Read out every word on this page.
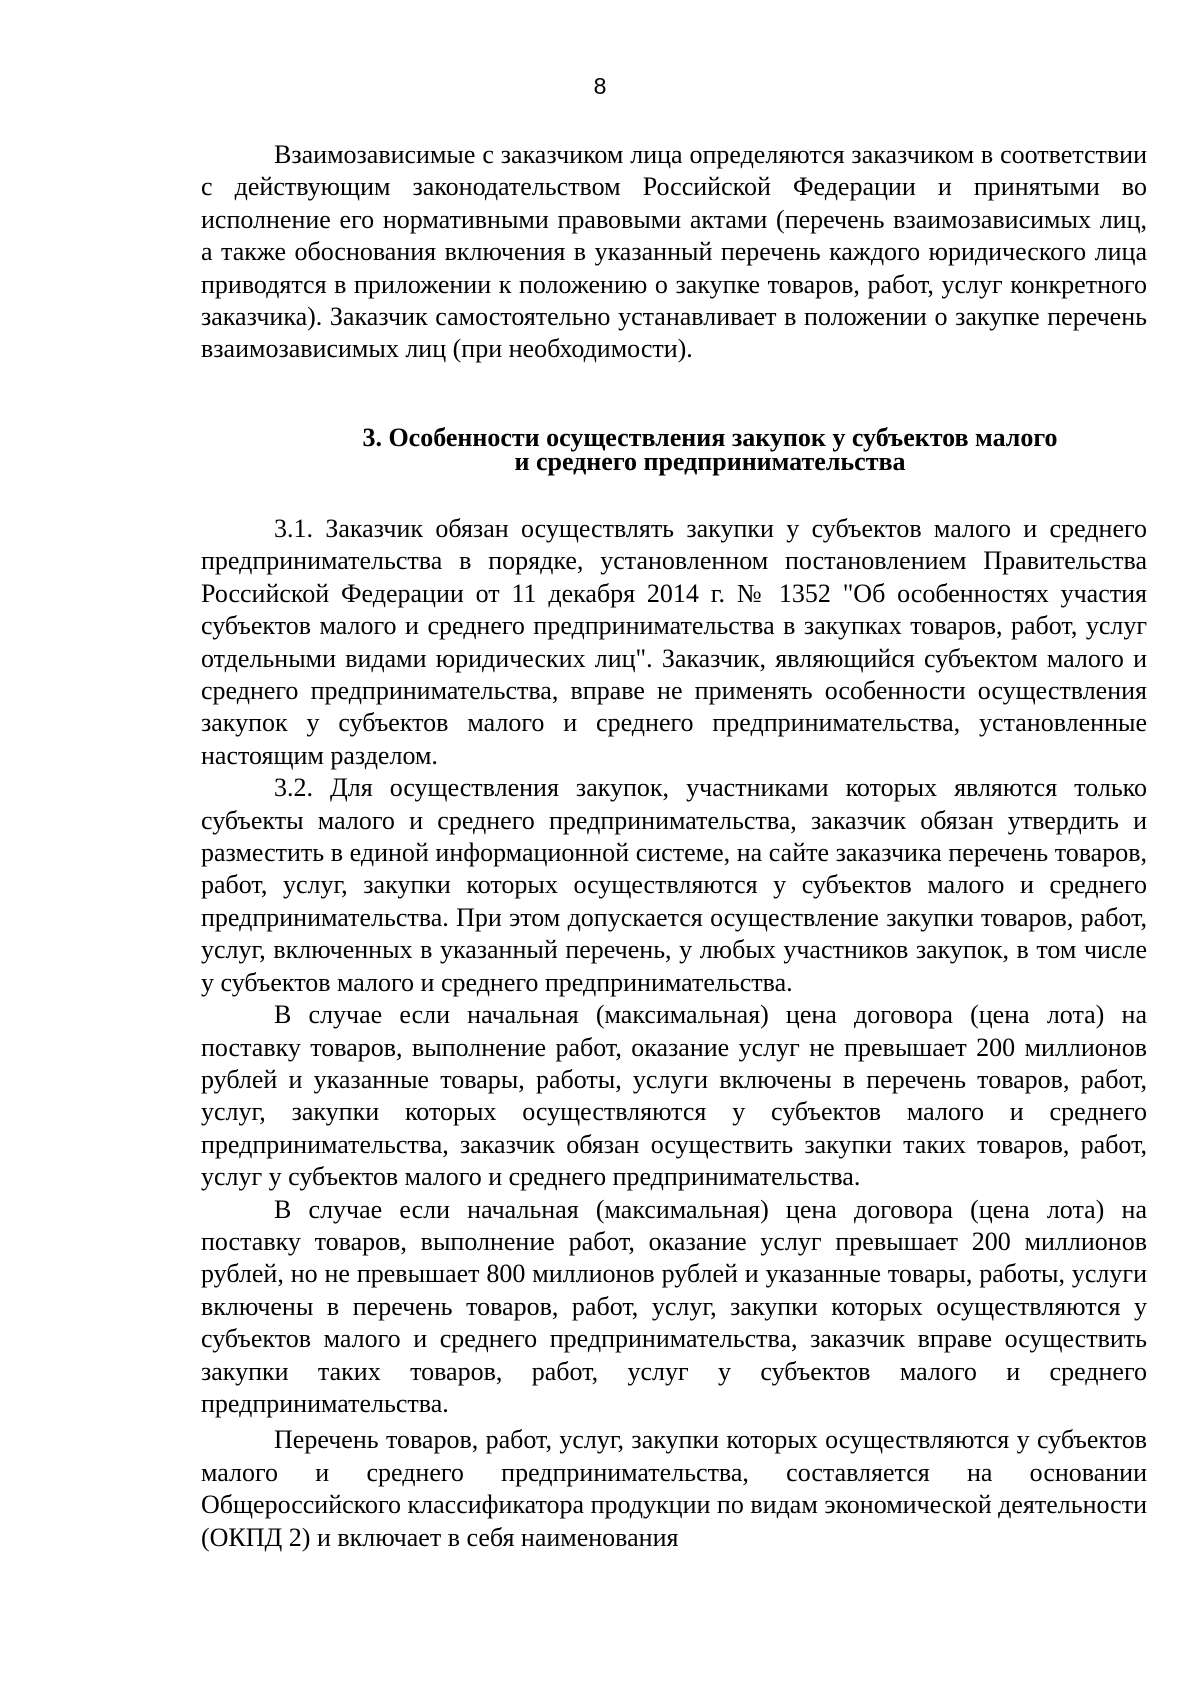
8

Взаимозависимые с заказчиком лица определяются заказчиком в соответствии с действующим законодательством Российской Федерации и принятыми во исполнение его нормативными правовыми актами (перечень взаимозависимых лиц, а также обоснования включения в указанный перечень каждого юридического лица приводятся в приложении к положению о закупке товаров, работ, услуг конкретного заказчика). Заказчик самостоятельно устанавливает в положении о закупке перечень взаимозависимых лиц (при необходимости).

3. Особенности осуществления закупок у субъектов малого
и среднего предпринимательства

3.1. Заказчик обязан осуществлять закупки у субъектов малого и среднего предпринимательства в порядке, установленном постановлением Правительства Российской Федерации от 11 декабря 2014 г. № 1352 "Об особенностях участия субъектов малого и среднего предпринимательства в закупках товаров, работ, услуг отдельными видами юридических лиц". Заказчик, являющийся субъектом малого и среднего предпринимательства, вправе не применять особенности осуществления закупок у субъектов малого и среднего предпринимательства, установленные настоящим разделом.

3.2. Для осуществления закупок, участниками которых являются только субъекты малого и среднего предпринимательства, заказчик обязан утвердить и разместить в единой информационной системе, на сайте заказчика перечень товаров, работ, услуг, закупки которых осуществляются у субъектов малого и среднего предпринимательства. При этом допускается осуществление закупки товаров, работ, услуг, включенных в указанный перечень, у любых участников закупок, в том числе у субъектов малого и среднего предпринимательства.

В случае если начальная (максимальная) цена договора (цена лота) на поставку товаров, выполнение работ, оказание услуг не превышает 200 миллионов рублей и указанные товары, работы, услуги включены в перечень товаров, работ, услуг, закупки которых осуществляются у субъектов малого и среднего предпринимательства, заказчик обязан осуществить закупки таких товаров, работ, услуг у субъектов малого и среднего предпринимательства.

В случае если начальная (максимальная) цена договора (цена лота) на поставку товаров, выполнение работ, оказание услуг превышает 200 миллионов рублей, но не превышает 800 миллионов рублей и указанные товары, работы, услуги включены в перечень товаров, работ, услуг, закупки которых осуществляются у субъектов малого и среднего предпринимательства, заказчик вправе осуществить закупки таких товаров, работ, услуг у субъектов малого и среднего предпринимательства.

Перечень товаров, работ, услуг, закупки которых осуществляются у субъектов малого и среднего предпринимательства, составляется на основании Общероссийского классификатора продукции по видам экономической деятельности (ОКПД 2) и включает в себя наименования
